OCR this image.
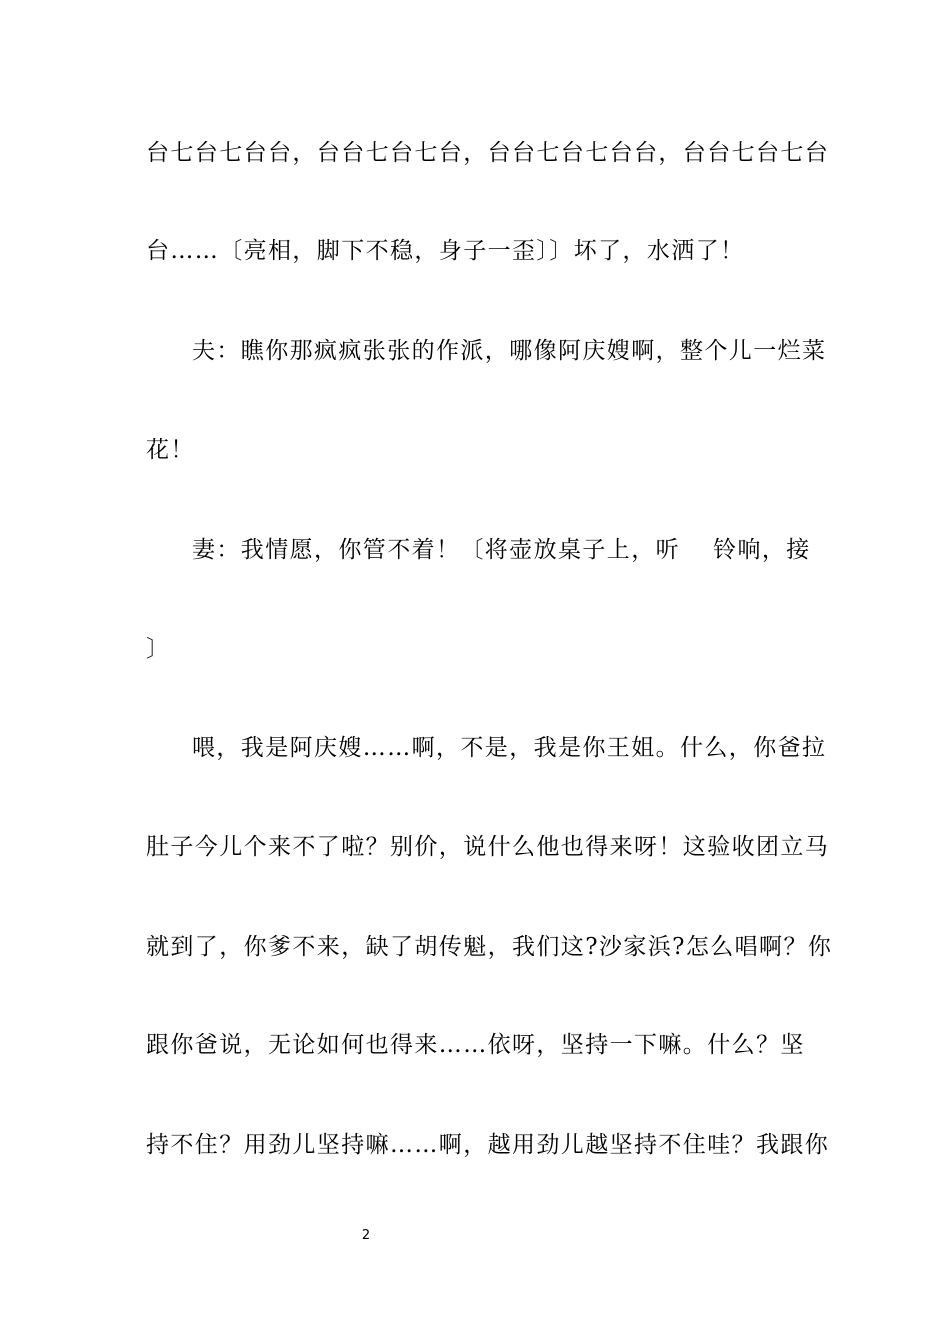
台七台七台台，台台七台七台，台台七台七台台，台台七台七台
台……〔亮相，脚下不稳，身子一歪〕〕坏了，水洒了！
夫：瞧你那疯疯张张的作派，哪像阿庆嫂啊，整个儿一烂菜
花！
妻：我情愿，你管不着！〔将壶放桌子上，听　 铃响，接
〕
喂，我是阿庆嫂……啊，不是，我是你王姐。什么，你爸拉
肚子今儿个来不了啦？别价，说什么他也得来呀！这验收团立马
就到了，你爹不来，缺了胡传魁，我们这?沙家浜?怎么唱啊？你
跟你爸说，无论如何也得来……依呀，坚持一下嘛。什么？坚
持不住？用劲儿坚持嘛……啊，越用劲儿越坚持不住哇？我跟你
2
